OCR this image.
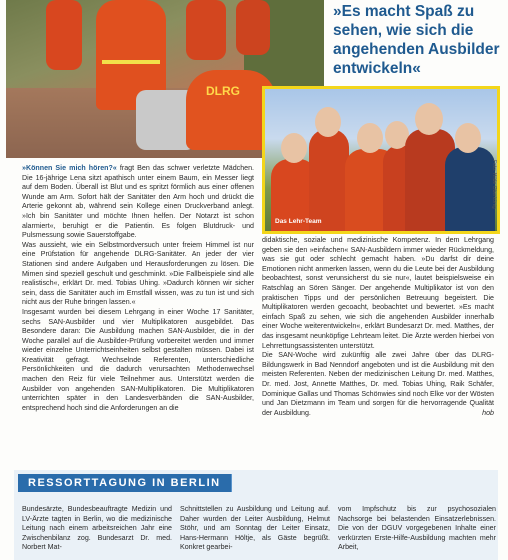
DLRG
»Es macht Spaß zu sehen, wie sich die angehenden Ausbilder entwickeln«
Das Lehr-Team
Foto: Hilde Oberkönig

»Können Sie mich hören?« fragt Ben das schwer verletzte Mädchen. Die 16-jährige Lena sitzt apathisch unter einem Baum, ein Messer liegt auf dem Boden. Überall ist Blut und es spritzt förmlich aus einer offenen Wunde am Arm. Sofort hält der Sanitäter den Arm hoch und drückt die Arterie gekonnt ab, während sein Kollege einen Druckverband anlegt. »Ich bin Sanitäter und möchte Ihnen helfen. Der Notarzt ist schon alarmiert«, beruhigt er die Patientin. Es folgen Blutdruck- und Pulsmessung sowie Sauerstoffgabe.

Was aussieht, wie ein Selbstmordversuch unter freiem Himmel ist nur eine Prüfstation für angehende DLRG-Sanitäter. An jeder der vier Stationen sind andere Aufgaben und Herausforderungen zu lösen. Die Mimen sind speziell geschult und geschminkt. »Die Fallbeispiele sind alle realistisch«, erklärt Dr. med. Tobias Uhing. »Dadurch können wir sicher sein, dass die Sanitäter auch im Ernstfall wissen, was zu tun ist und sich nicht aus der Ruhe bringen lassen.«

Insgesamt wurden bei diesem Lehrgang in einer Woche 17 Sanitäter, sechs SAN-Ausbilder und vier Multiplikatoren ausgebildet. Das Besondere daran: Die Ausbildung machen SAN-Ausbilder, die in der Woche parallel auf die Ausbilder-Prüfung vorbereitet werden und immer wieder einzelne Unterrichtseinheiten selbst gestalten müssen. Dabei ist Kreativität gefragt. Wechselnde Referenten, unterschiedliche Persönlichkeiten und die dadurch verursachten Methodenwechsel machen den Reiz für viele Teilnehmer aus. Unterstützt werden die Ausbilder von angehenden SAN-Multiplikatoren. Die Multiplikatoren unterrichten später in den Landesverbänden die SAN-Ausbilder, entsprechend hoch sind die Anforderungen an die

didaktische, soziale und medizinische Kompetenz. In dem Lehrgang geben sie den »einfachen« SAN-Ausbildern immer wieder Rückmeldung, was sie gut oder schlecht gemacht haben. »Du darfst dir deine Emotionen nicht anmerken lassen, wenn du die Leute bei der Ausbildung beobachtest, sonst verunsicherst du sie nur«, lautet beispielsweise ein Ratschlag an Sören Sänger. Der angehende Multiplikator ist von den praktischen Tipps und der persönlichen Betreuung begeistert. Die Multiplikatoren werden gecoacht, beobachtet und bewertet. »Es macht einfach Spaß zu sehen, wie sich die angehenden Ausbilder innerhalb einer Woche weiterentwickeln«, erklärt Bundesarzt Dr. med. Matthes, der das insgesamt neunköpfige Lehrteam leitet. Die Ärzte werden hierbei von Lehrrettungsassistenten unterstützt.

Die SAN-Woche wird zukünftig alle zwei Jahre über das DLRG-Bildungswerk in Bad Nenndorf angeboten und ist die Ausbildung mit den meisten Referenten. Neben der medizinischen Leitung Dr. med. Matthes, Dr. med. Jost, Annette Matthes, Dr. med. Tobias Uhing, Raik Schäfer, Dominique Gallas und Thomas Schönwies sind noch Elke vor der Wösten und Jan Dietzmann im Team und sorgen für die hervorragende Qualität der Ausbildung.	hob

RESSORTTAGUNG IN BERLIN

Bundesärzte, Bundesbeauftragte Medizin und LV-Ärzte tagten in Berlin, wo die medizinische Leitung nach einem arbeitsreichen Jahr eine Zwischenbilanz zog. Bundesarzt Dr. med. Norbert Mat-

Schnittstellen zu Ausbildung und Leitung auf. Daher wurden der Leiter Ausbildung, Helmut Stöhr, und am Sonntag der Leiter Einsatz, Hans-Hermann Höltje, als Gäste begrüßt. Konkret gearbei-

vom Impfschutz bis zur psychosozialen Nachsorge bei belastenden Einsatzerlebnissen. Die von der DGUV vorgegebenen Inhalte einer verkürzten Erste-Hilfe-Ausbildung machten mehr Arbeit,
